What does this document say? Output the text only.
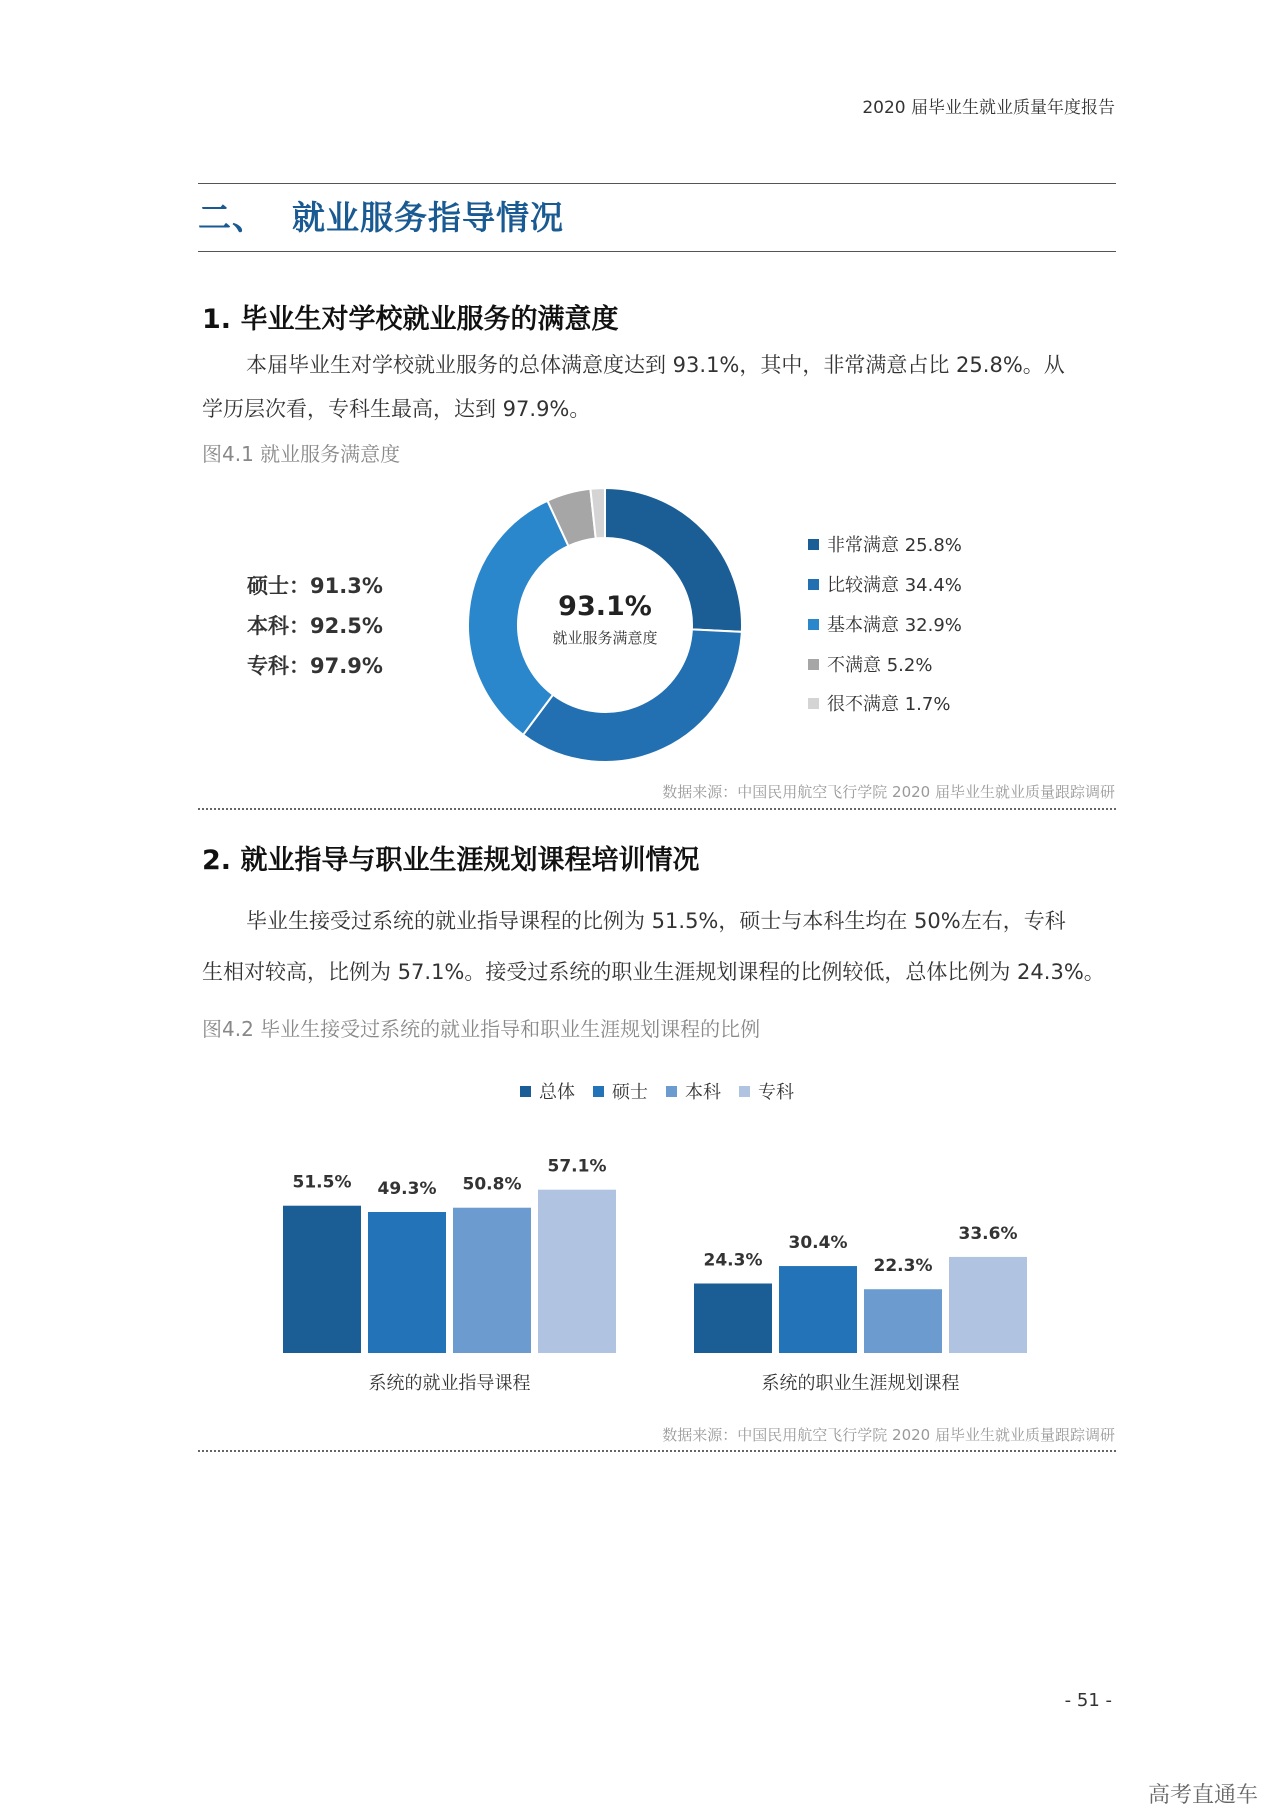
2020 届毕业生就业质量年度报告
二、 就业服务指导情况
1. 毕业生对学校就业服务的满意度

本届毕业生对学校就业服务的总体满意度达到 93.1%，其中，非常满意占比 25.8%。从

学历层次看，专科生最高，达到 97.9%。

图4.1 就业服务满意度
硕士：91.3%
本科：92.5%
专科：97.9%
93.1%
就业服务满意度
非常满意 25.8%
比较满意 34.4%
基本满意 32.9%
不满意 5.2%
很不满意 1.7%
数据来源：中国民用航空飞行学院 2020 届毕业生就业质量跟踪调研
2. 就业指导与职业生涯规划课程培训情况

毕业生接受过系统的就业指导课程的比例为 51.5%，硕士与本科生均在 50%左右，专科

生相对较高，比例为 57.1%。接受过系统的职业生涯规划课程的比例较低，总体比例为 24.3%。

图4.2 毕业生接受过系统的就业指导和职业生涯规划课程的比例
总体 硕士 本科 专科
51.5% 49.3% 50.8%
57.1%
系统的就业指导课程
24.3%
30.4%
22.3%
33.6%
系统的职业生涯规划课程
数据来源：中国民用航空飞行学院 2020 届毕业生就业质量跟踪调研
- 51 -
高考直通车
